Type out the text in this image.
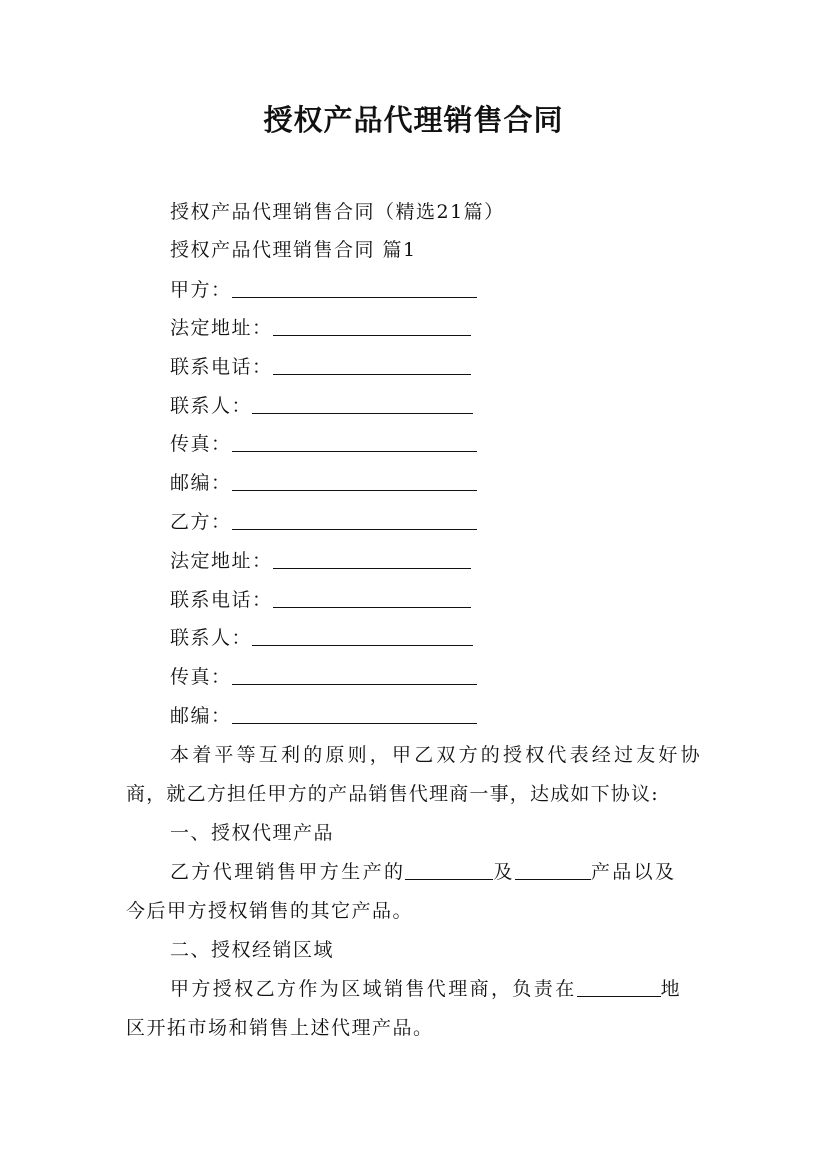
授权产品代理销售合同
授权产品代理销售合同（精选21篇）
授权产品代理销售合同 篇1
甲方：
法定地址：
联系电话：
联系人：
传真：
邮编：
乙方：
法定地址：
联系电话：
联系人：
传真：
邮编：
本着平等互利的原则，甲乙双方的授权代表经过友好协
商，就乙方担任甲方的产品销售代理商一事，达成如下协议:
一、授权代理产品
乙方代理销售甲方生产的	及	产品以及
今后甲方授权销售的其它产品。
二、授权经销区域
甲方授权乙方作为区域销售代理商，负责在	地
区开拓市场和销售上述代理产品。
